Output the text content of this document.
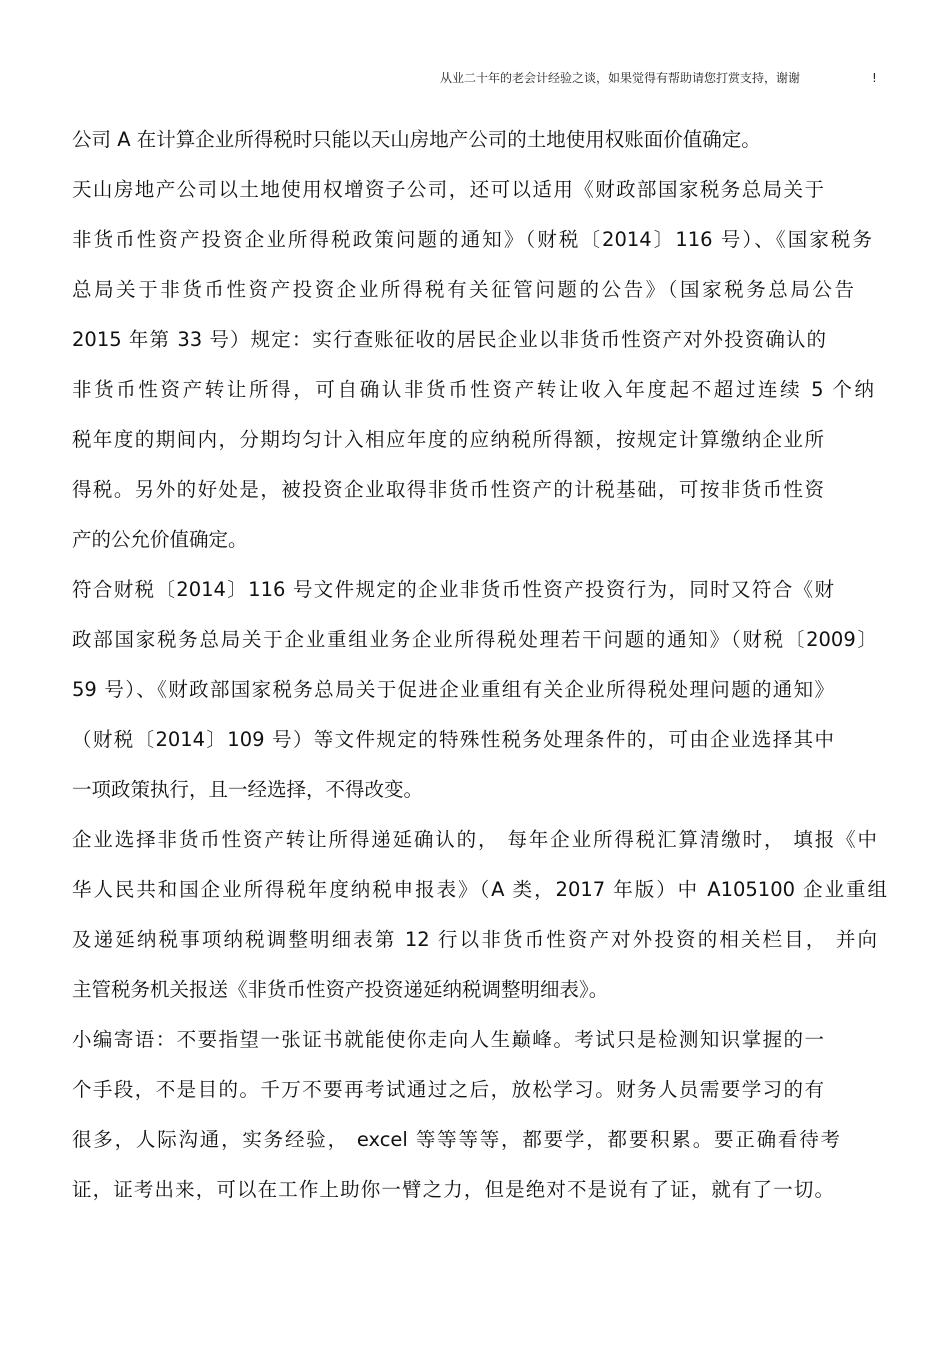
从业二十年的老会计经验之谈，如果觉得有帮助请您打赏支持，谢谢	!
公司 A 在计算企业所得税时只能以天山房地产公司的土地使用权账面价值确定。
天山房地产公司以土地使用权增资子公司，还可以适用《财政部国家税务总局关于
非货币性资产投资企业所得税政策问题的通知》（财税〔2014〕116 号）、《国家税务
总局关于非货币性资产投资企业所得税有关征管问题的公告》（国家税务总局公告
2015 年第 33 号）规定：实行查账征收的居民企业以非货币性资产对外投资确认的
非货币性资产转让所得，可自确认非货币性资产转让收入年度起不超过连续 5 个纳
税年度的期间内，分期均匀计入相应年度的应纳税所得额，按规定计算缴纳企业所
得税。另外的好处是，被投资企业取得非货币性资产的计税基础，可按非货币性资
产的公允价值确定。
符合财税〔2014〕116 号文件规定的企业非货币性资产投资行为，同时又符合《财
政部国家税务总局关于企业重组业务企业所得税处理若干问题的通知》（财税〔2009〕
59 号）、《财政部国家税务总局关于促进企业重组有关企业所得税处理问题的通知》
（财税〔2014〕109 号）等文件规定的特殊性税务处理条件的，可由企业选择其中
一项政策执行，且一经选择，不得改变。
企业选择非货币性资产转让所得递延确认的， 每年企业所得税汇算清缴时， 填报《中
华人民共和国企业所得税年度纳税申报表》（A 类，2017 年版）中 A105100 企业重组
及递延纳税事项纳税调整明细表第 12 行以非货币性资产对外投资的相关栏目， 并向
主管税务机关报送《非货币性资产投资递延纳税调整明细表》。
小编寄语：不要指望一张证书就能使你走向人生巅峰。考试只是检测知识掌握的一
个手段，不是目的。千万不要再考试通过之后，放松学习。财务人员需要学习的有
很多，人际沟通，实务经验， excel 等等等等，都要学，都要积累。要正确看待考
证，证考出来，可以在工作上助你一臂之力，但是绝对不是说有了证，就有了一切。
